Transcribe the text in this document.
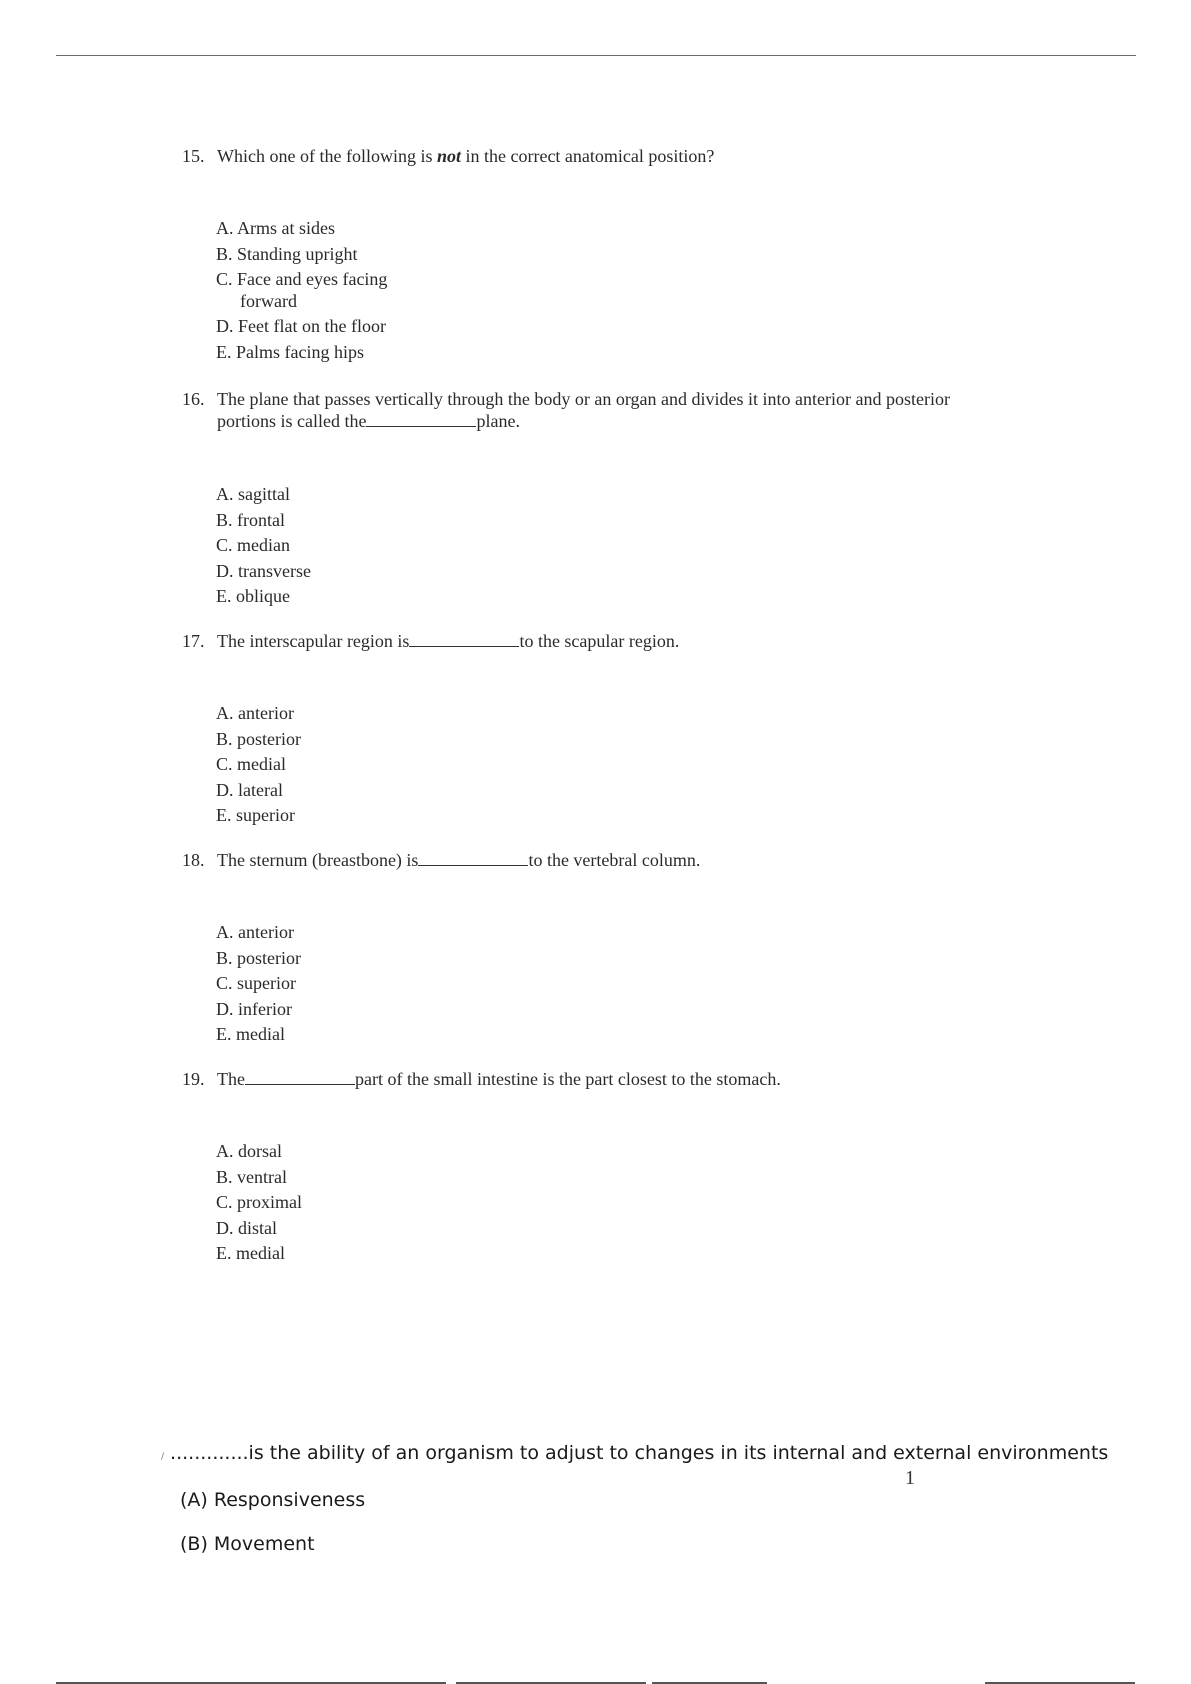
15. Which one of the following is not in the correct anatomical position?
A. Arms at sides
B. Standing upright
C. Face and eyes facing
forward
D. Feet flat on the floor
E. Palms facing hips
16. The plane that passes vertically through the body or an organ and divides it into anterior and posterior
portions is called the	plane.
A. sagittal
B. frontal
C. median
D. transverse
E. oblique
17. The interscapular region is	to the scapular region.
A. anterior
B. posterior
C. medial
D. lateral
E. superior
18. The sternum (breastbone) is	to the vertebral column.
A. anterior
B. posterior
C. superior
D. inferior
E. medial
19. The	part of the small intestine is the part closest to the stomach.
A. dorsal
B. ventral
C. proximal
D. distal
E. medial
/ .............is the ability of an organism to adjust to changes in its internal and external environments
1
(A) Responsiveness
(B) Movement
